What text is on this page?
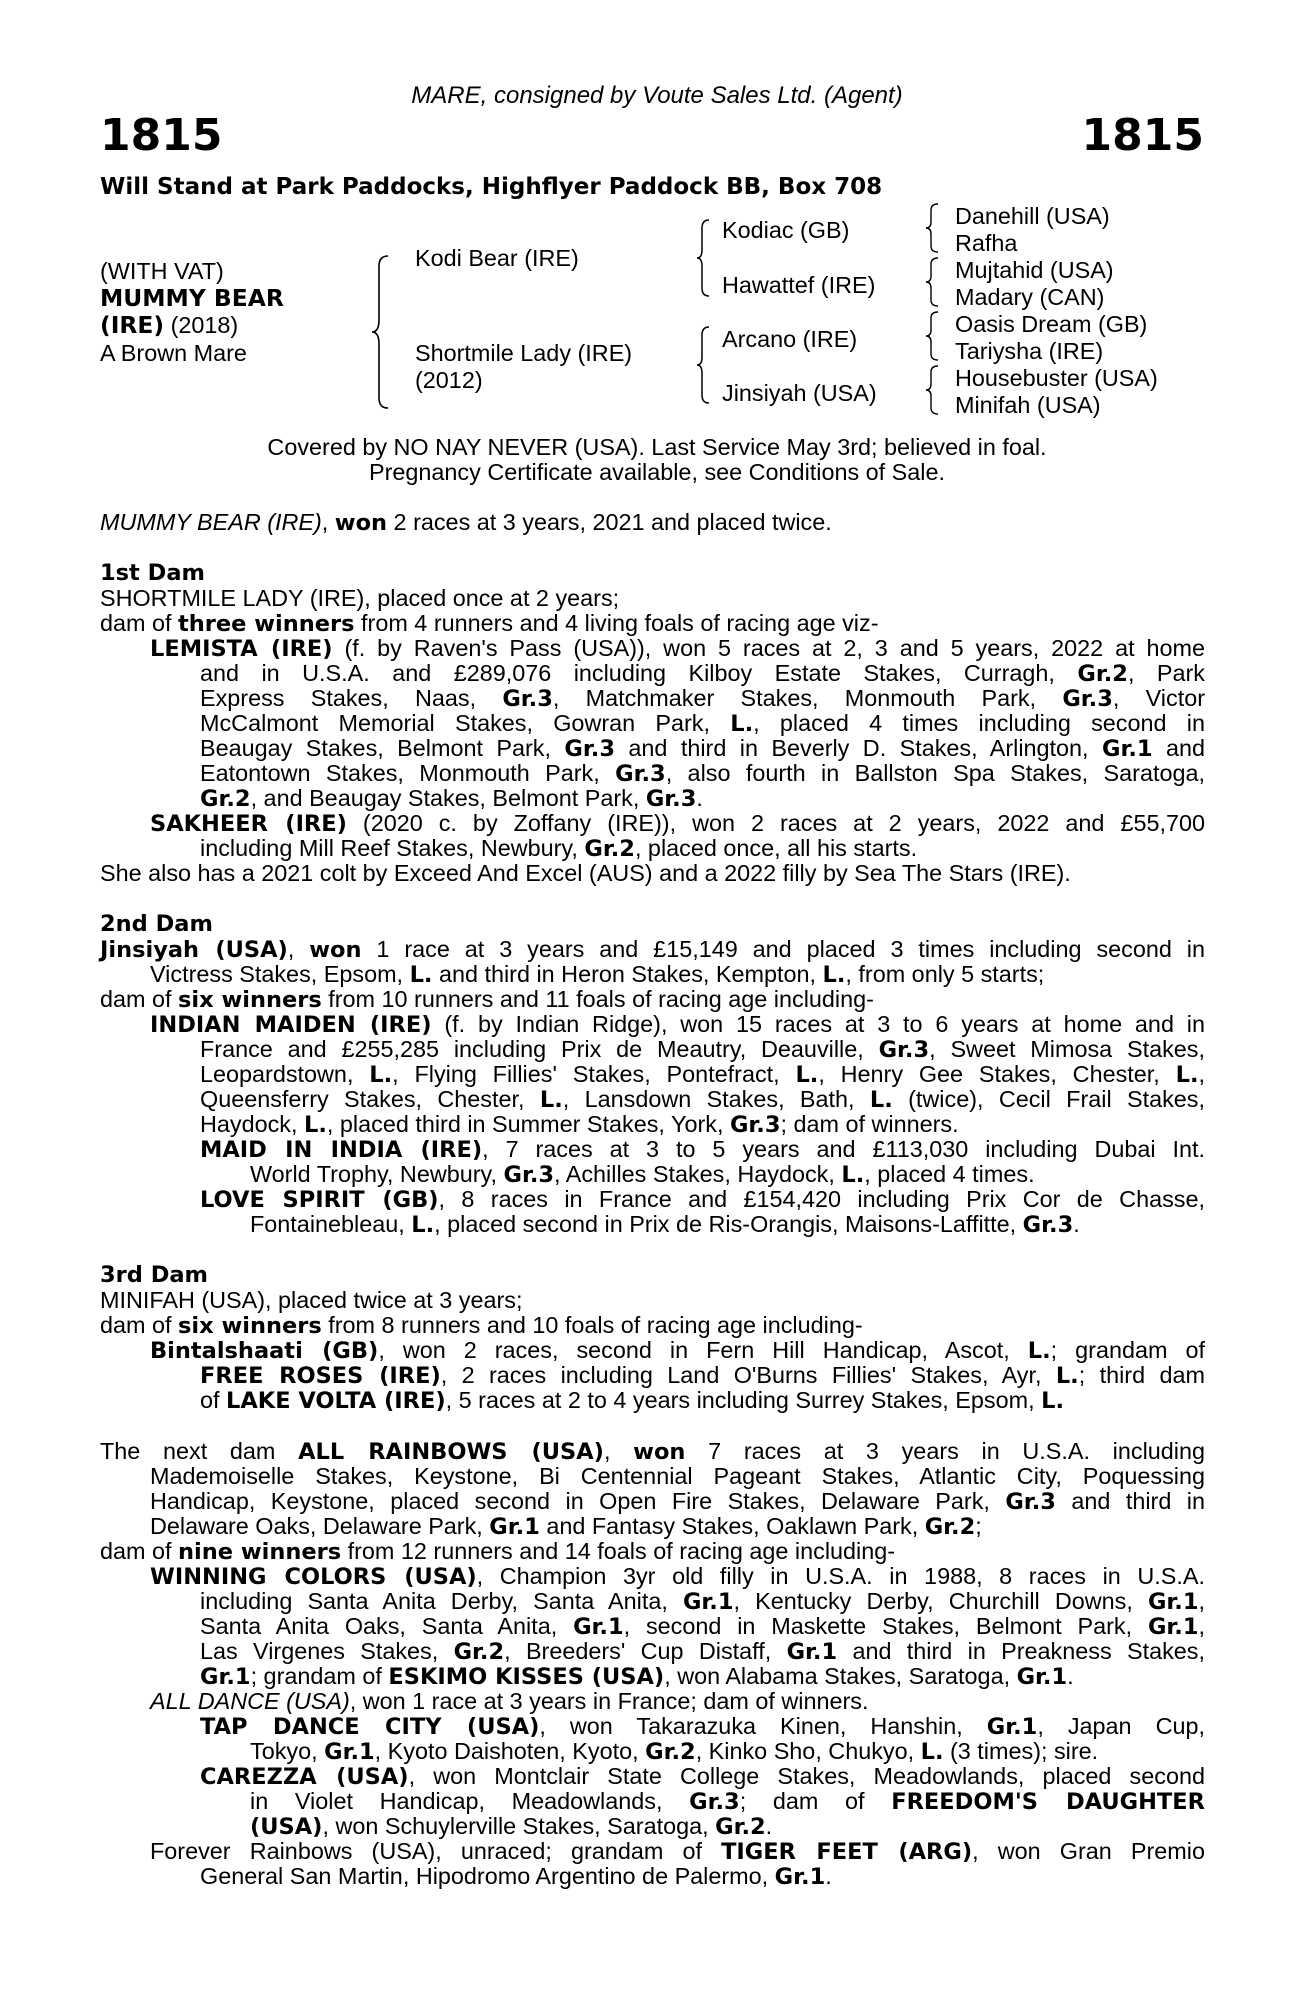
MARE, consigned by Voute Sales Ltd. (Agent)
1815	1815
Will Stand at Park Paddocks, Highflyer Paddock BB, Box 708
(WITH VAT)
MUMMY BEAR
(IRE) (2018)
A Brown Mare
Kodi Bear (IRE)
Shortmile Lady (IRE)
(2012)
Kodiac (GB)
Hawattef (IRE)
Arcano (IRE)
Jinsiyah (USA)
Danehill (USA)
Rafha
Mujtahid (USA)
Madary (CAN)
Oasis Dream (GB)
Tariysha (IRE)
Housebuster (USA)
Minifah (USA)
Covered by NO NAY NEVER (USA). Last Service May 3rd; believed in foal.
Pregnancy Certificate available, see Conditions of Sale.
MUMMY BEAR (IRE), won 2 races at 3 years, 2021 and placed twice.
1st Dam
SHORTMILE LADY (IRE), placed once at 2 years;
dam of three winners from 4 runners and 4 living foals of racing age viz-
LEMISTA (IRE) (f. by Raven's Pass (USA)), won 5 races at 2, 3 and 5 years, 2022 at home
and in U.S.A. and £289,076 including Kilboy Estate Stakes, Curragh, Gr.2, Park
Express Stakes, Naas, Gr.3, Matchmaker Stakes, Monmouth Park, Gr.3, Victor
McCalmont Memorial Stakes, Gowran Park, L., placed 4 times including second in
Beaugay Stakes, Belmont Park, Gr.3 and third in Beverly D. Stakes, Arlington, Gr.1 and
Eatontown Stakes, Monmouth Park, Gr.3, also fourth in Ballston Spa Stakes, Saratoga,
Gr.2, and Beaugay Stakes, Belmont Park, Gr.3.
SAKHEER (IRE) (2020 c. by Zoffany (IRE)), won 2 races at 2 years, 2022 and £55,700
including Mill Reef Stakes, Newbury, Gr.2, placed once, all his starts.
She also has a 2021 colt by Exceed And Excel (AUS) and a 2022 filly by Sea The Stars (IRE).
2nd Dam
Jinsiyah (USA), won 1 race at 3 years and £15,149 and placed 3 times including second in
Victress Stakes, Epsom, L. and third in Heron Stakes, Kempton, L., from only 5 starts;
dam of six winners from 10 runners and 11 foals of racing age including-
INDIAN MAIDEN (IRE) (f. by Indian Ridge), won 15 races at 3 to 6 years at home and in
France and £255,285 including Prix de Meautry, Deauville, Gr.3, Sweet Mimosa Stakes,
Leopardstown, L., Flying Fillies' Stakes, Pontefract, L., Henry Gee Stakes, Chester, L.,
Queensferry Stakes, Chester, L., Lansdown Stakes, Bath, L. (twice), Cecil Frail Stakes,
Haydock, L., placed third in Summer Stakes, York, Gr.3; dam of winners.
MAID IN INDIA (IRE), 7 races at 3 to 5 years and £113,030 including Dubai Int.
World Trophy, Newbury, Gr.3, Achilles Stakes, Haydock, L., placed 4 times.
LOVE SPIRIT (GB), 8 races in France and £154,420 including Prix Cor de Chasse,
Fontainebleau, L., placed second in Prix de Ris-Orangis, Maisons-Laffitte, Gr.3.
3rd Dam
MINIFAH (USA), placed twice at 3 years;
dam of six winners from 8 runners and 10 foals of racing age including-
Bintalshaati (GB), won 2 races, second in Fern Hill Handicap, Ascot, L.; grandam of
FREE ROSES (IRE), 2 races including Land O'Burns Fillies' Stakes, Ayr, L.; third dam
of LAKE VOLTA (IRE), 5 races at 2 to 4 years including Surrey Stakes, Epsom, L.
The next dam ALL RAINBOWS (USA), won 7 races at 3 years in U.S.A. including
Mademoiselle Stakes, Keystone, Bi Centennial Pageant Stakes, Atlantic City, Poquessing
Handicap, Keystone, placed second in Open Fire Stakes, Delaware Park, Gr.3 and third in
Delaware Oaks, Delaware Park, Gr.1 and Fantasy Stakes, Oaklawn Park, Gr.2;
dam of nine winners from 12 runners and 14 foals of racing age including-
WINNING COLORS (USA), Champion 3yr old filly in U.S.A. in 1988, 8 races in U.S.A.
including Santa Anita Derby, Santa Anita, Gr.1, Kentucky Derby, Churchill Downs, Gr.1,
Santa Anita Oaks, Santa Anita, Gr.1, second in Maskette Stakes, Belmont Park, Gr.1,
Las Virgenes Stakes, Gr.2, Breeders' Cup Distaff, Gr.1 and third in Preakness Stakes,
Gr.1; grandam of ESKIMO KISSES (USA), won Alabama Stakes, Saratoga, Gr.1.
ALL DANCE (USA), won 1 race at 3 years in France; dam of winners.
TAP DANCE CITY (USA), won Takarazuka Kinen, Hanshin, Gr.1, Japan Cup,
Tokyo, Gr.1, Kyoto Daishoten, Kyoto, Gr.2, Kinko Sho, Chukyo, L. (3 times); sire.
CAREZZA (USA), won Montclair State College Stakes, Meadowlands, placed second
in Violet Handicap, Meadowlands, Gr.3; dam of FREEDOM'S DAUGHTER
(USA), won Schuylerville Stakes, Saratoga, Gr.2.
Forever Rainbows (USA), unraced; grandam of TIGER FEET (ARG), won Gran Premio
General San Martin, Hipodromo Argentino de Palermo, Gr.1.
